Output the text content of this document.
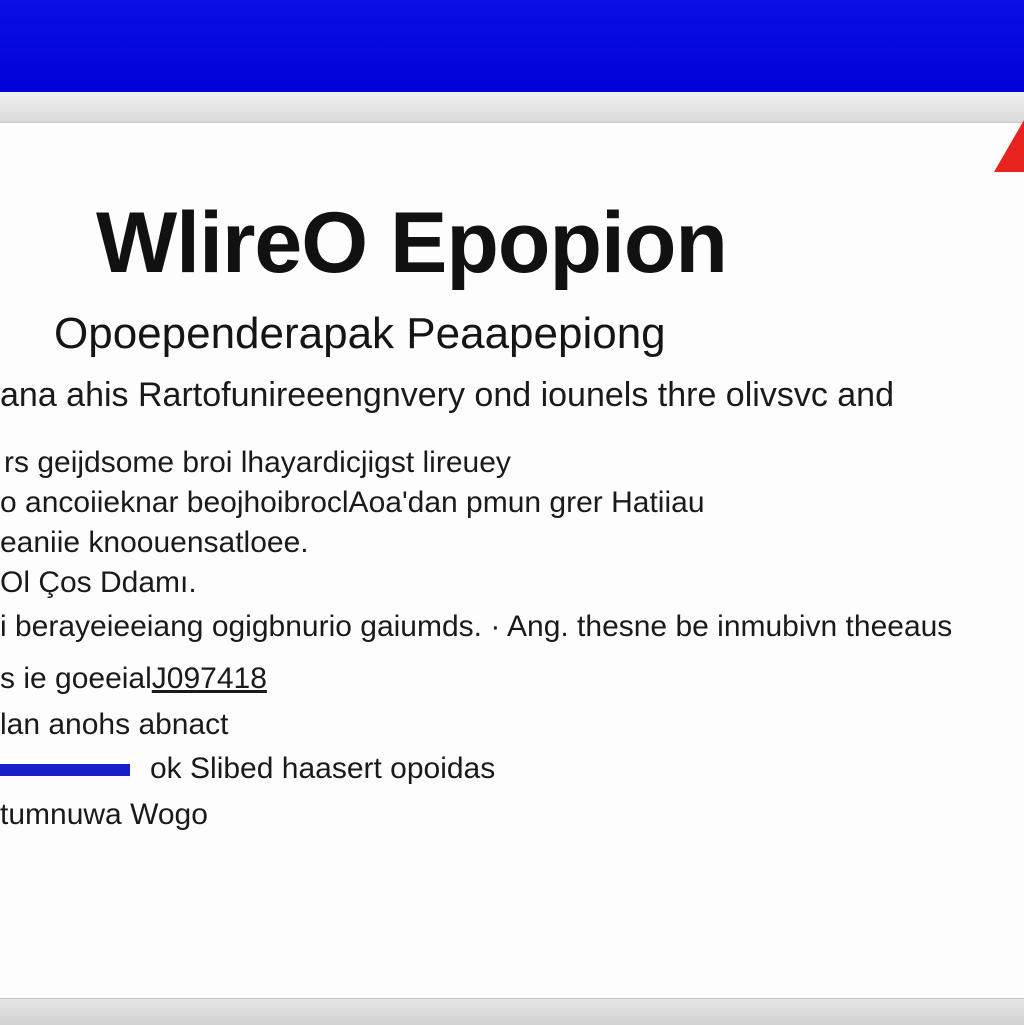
WlireO Epopion
Opoependerapak Peaapepiong
ana ahis Rartofunireeengnvery ond iounels thre olivsvc and
rs geijdsome broi lhayardicjigst lireuey
o ancoiieknar beojhoibroclAoa'dan pmun grer Hatiiau
eaniie knoouensatloee.
Ol Ços Ddamı.
i berayeieeiang ogigbnurio gaiumds. · Ang. thesne be inmubivn theeaus
s ie goeeialJ097418
lan anohs abnact
ok Slibed haasert opoidas
tumnuwa Wogo
